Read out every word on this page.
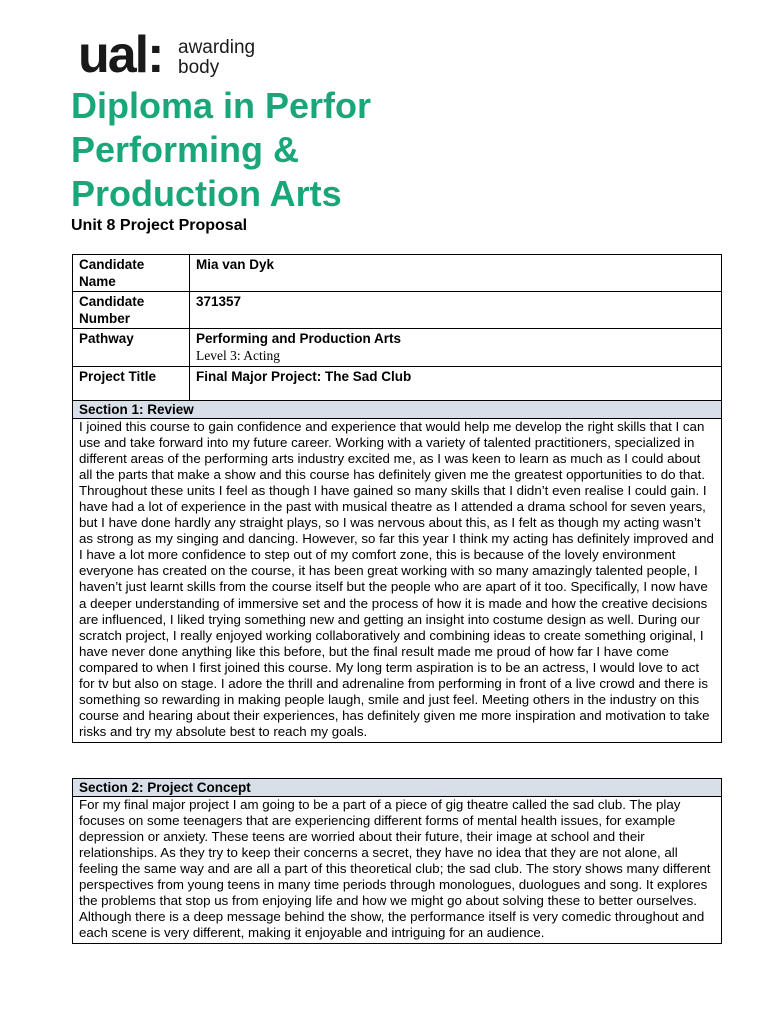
ual: awarding
body
Diploma in Perfor
Performing &
Production Arts
Unit 8 Project Proposal
Candidate Name	Mia van Dyk
Candidate Number	371357
Pathway	Performing and Production Arts
Level 3: Acting

Project Title	Final Major Project: The Sad Club
Section 1: Review
I joined this course to gain confidence and experience that would help me develop the right skills that I can use and take forward into my future career. Working with a variety of talented practitioners, specialized in different areas of the performing arts industry excited me, as I was keen to learn as much as I could about all the parts that make a show and this course has definitely given me the greatest opportunities to do that. Throughout these units I feel as though I have gained so many skills that I didn’t even realise I could gain. I have had a lot of experience in the past with musical theatre as I attended a drama school for seven years, but I have done hardly any straight plays, so I was nervous about this, as I felt as though my acting wasn’t as strong as my singing and dancing. However, so far this year I think my acting has definitely improved and I have a lot more confidence to step out of my comfort zone, this is because of the lovely environment everyone has created on the course, it has been great working with so many amazingly talented people, I haven’t just learnt skills from the course itself but the people who are apart of it too. Specifically, I now have a deeper understanding of immersive set and the process of how it is made and how the creative decisions are influenced, I liked trying something new and getting an insight into costume design as well. During our scratch project, I really enjoyed working collaboratively and combining ideas to create something original, I have never done anything like this before, but the final result made me proud of how far I have come compared to when I first joined this course. My long term aspiration is to be an actress, I would love to act for tv but also on stage. I adore the thrill and adrenaline from performing in front of a live crowd and there is something so rewarding in making people laugh, smile and just feel. Meeting others in the industry on this course and hearing about their experiences, has definitely given me more inspiration and motivation to take risks and try my absolute best to reach my goals.
Section 2: Project Concept
For my final major project I am going to be a part of a piece of gig theatre called the sad club. The play focuses on some teenagers that are experiencing different forms of mental health issues, for example depression or anxiety. These teens are worried about their future, their image at school and their relationships. As they try to keep their concerns a secret, they have no idea that they are not alone, all feeling the same way and are all a part of this theoretical club; the sad club. The story shows many different perspectives from young teens in many time periods through monologues, duologues and song. It explores the problems that stop us from enjoying life and how we might go about solving these to better ourselves. Although there is a deep message behind the show, the performance itself is very comedic throughout and each scene is very different, making it enjoyable and intriguing for an audience.
